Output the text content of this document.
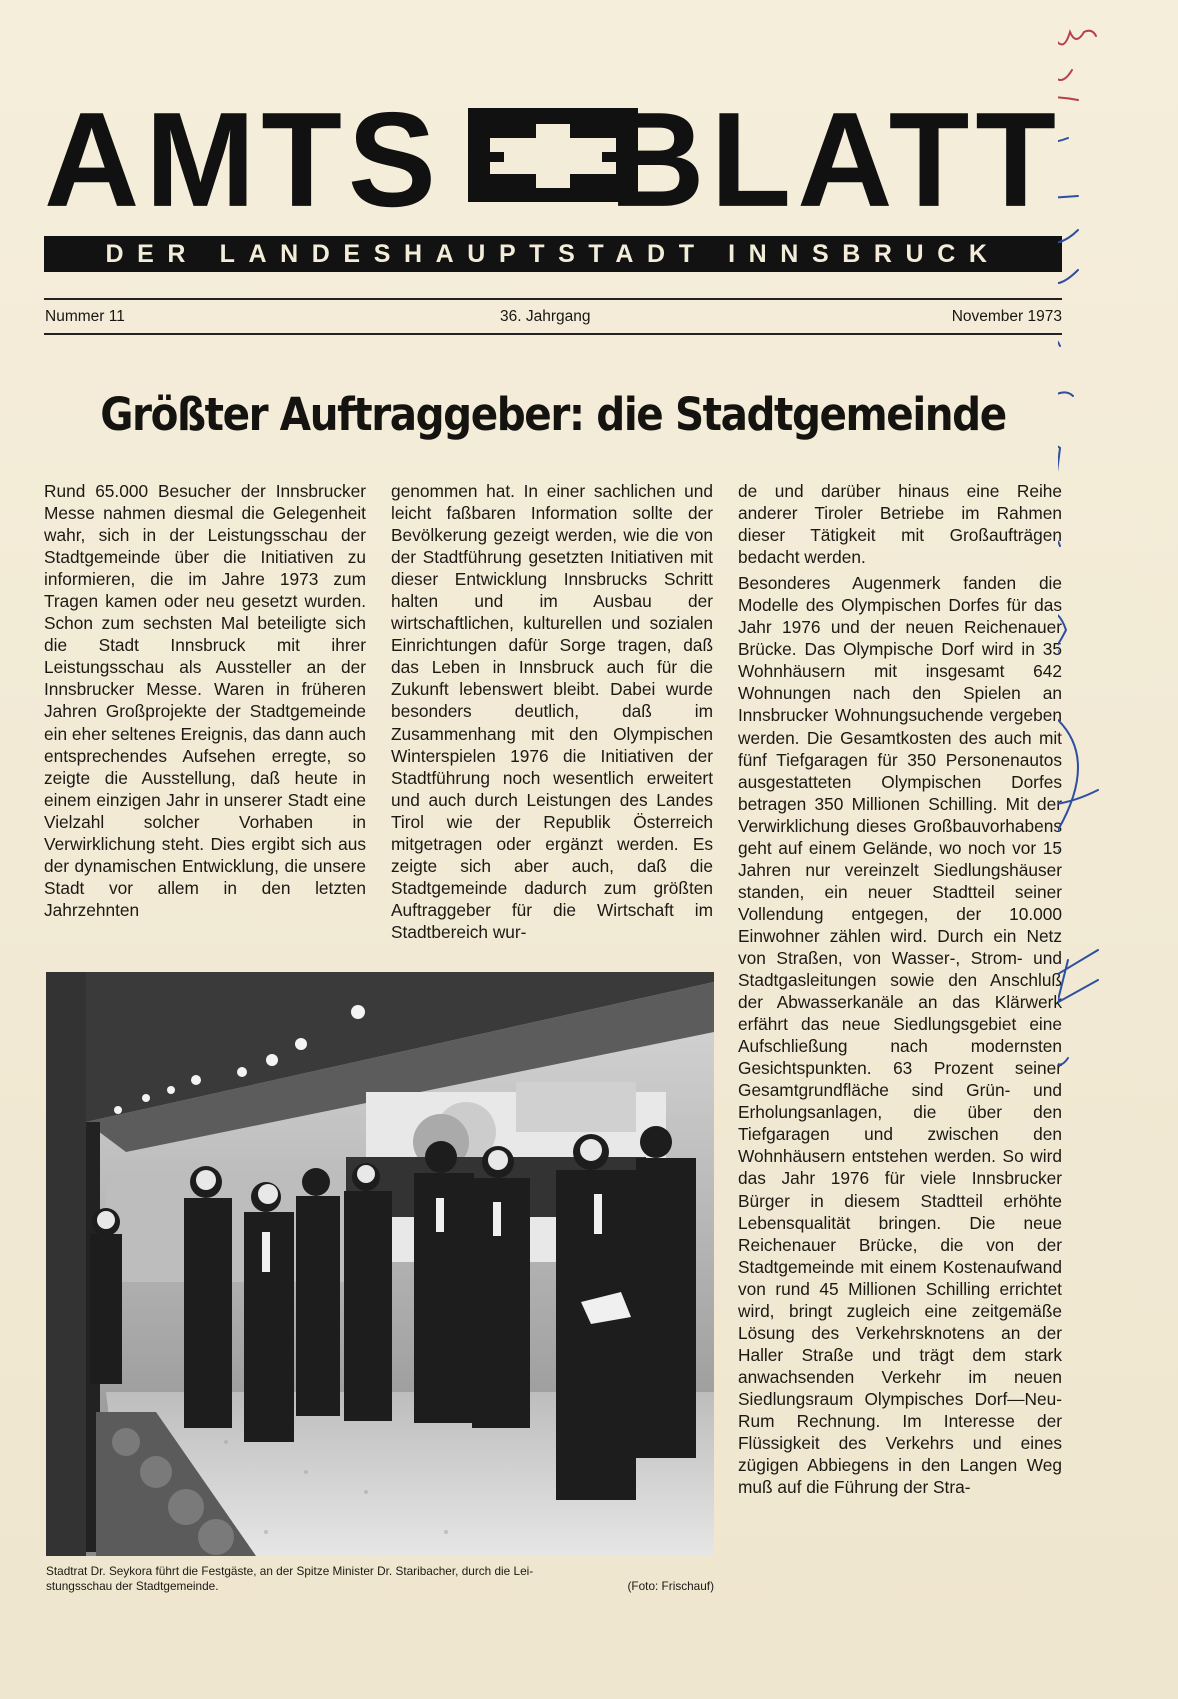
AMTS BLATT
DER LANDESHAUPTSTADT INNSBRUCK
Nummer 11	36. Jahrgang	November 1973
Größter Auftraggeber: die Stadtgemeinde

Rund 65.000 Besucher der Innsbrucker Messe nahmen diesmal die Gelegenheit wahr, sich in der Leistungsschau der Stadtgemeinde über die Initiativen zu informieren, die im Jahre 1973 zum Tragen kamen oder neu gesetzt wurden. Schon zum sechsten Mal beteiligte sich die Stadt Innsbruck mit ihrer Leistungsschau als Aussteller an der Innsbrucker Messe. Waren in früheren Jahren Großprojekte der Stadtgemeinde ein eher seltenes Ereignis, das dann auch entsprechendes Aufsehen erregte, so zeigte die Ausstellung, daß heute in einem einzigen Jahr in unserer Stadt eine Vielzahl solcher Vorhaben in Verwirklichung steht. Dies ergibt sich aus der dynamischen Entwicklung, die unsere Stadt vor allem in den letzten Jahrzehnten

genommen hat. In einer sachlichen und leicht faßbaren Information sollte der Bevölkerung gezeigt werden, wie die von der Stadtführung gesetzten Initiativen mit dieser Entwicklung Innsbrucks Schritt halten und im Ausbau der wirtschaftlichen, kulturellen und sozialen Einrichtungen dafür Sorge tragen, daß das Leben in Innsbruck auch für die Zukunft lebenswert bleibt. Dabei wurde besonders deutlich, daß im Zusammenhang mit den Olympischen Winterspielen 1976 die Initiativen der Stadtführung noch wesentlich erweitert und auch durch Leistungen des Landes Tirol wie der Republik Österreich mitgetragen oder ergänzt werden. Es zeigte sich aber auch, daß die Stadtgemeinde dadurch zum größten Auftraggeber für die Wirtschaft im Stadtbereich wur-

de und darüber hinaus eine Reihe anderer Tiroler Betriebe im Rahmen dieser Tätigkeit mit Großaufträgen bedacht werden.

Besonderes Augenmerk fanden die Modelle des Olympischen Dorfes für das Jahr 1976 und der neuen Reichenauer Brücke. Das Olympische Dorf wird in 35 Wohnhäusern mit insgesamt 642 Wohnungen nach den Spielen an Innsbrucker Wohnungsuchende vergeben werden. Die Gesamtkosten des auch mit fünf Tiefgaragen für 350 Personenautos ausgestatteten Olympischen Dorfes betragen 350 Millionen Schilling. Mit der Verwirklichung dieses Großbauvorhabens geht auf einem Gelände, wo noch vor 15 Jahren nur vereinzelt Siedlungshäuser standen, ein neuer Stadtteil seiner Vollendung entgegen, der 10.000 Einwohner zählen wird. Durch ein Netz von Straßen, von Wasser-, Strom- und Stadtgasleitungen sowie den Anschluß der Abwasserkanäle an das Klärwerk erfährt das neue Siedlungsgebiet eine Aufschließung nach modernsten Gesichtspunkten. 63 Prozent seiner Gesamtgrundfläche sind Grün- und Erholungsanlagen, die über den Tiefgaragen und zwischen den Wohnhäusern entstehen werden. So wird das Jahr 1976 für viele Innsbrucker Bürger in diesem Stadtteil erhöhte Lebensqualität bringen. Die neue Reichenauer Brücke, die von der Stadtgemeinde mit einem Kostenaufwand von rund 45 Millionen Schilling errichtet wird, bringt zugleich eine zeitgemäße Lösung des Verkehrsknotens an der Haller Straße und trägt dem stark anwachsenden Verkehr im neuen Siedlungsraum Olympisches Dorf—Neu-Rum Rechnung. Im Interesse der Flüssigkeit des Verkehrs und eines zügigen Abbiegens in den Langen Weg muß auf die Führung der Stra-

Stadtrat Dr. Seykora führt die Festgäste, an der Spitze Minister Dr. Staribacher, durch die Lei-
stungsschau der Stadtgemeinde.	(Foto: Frischauf)
